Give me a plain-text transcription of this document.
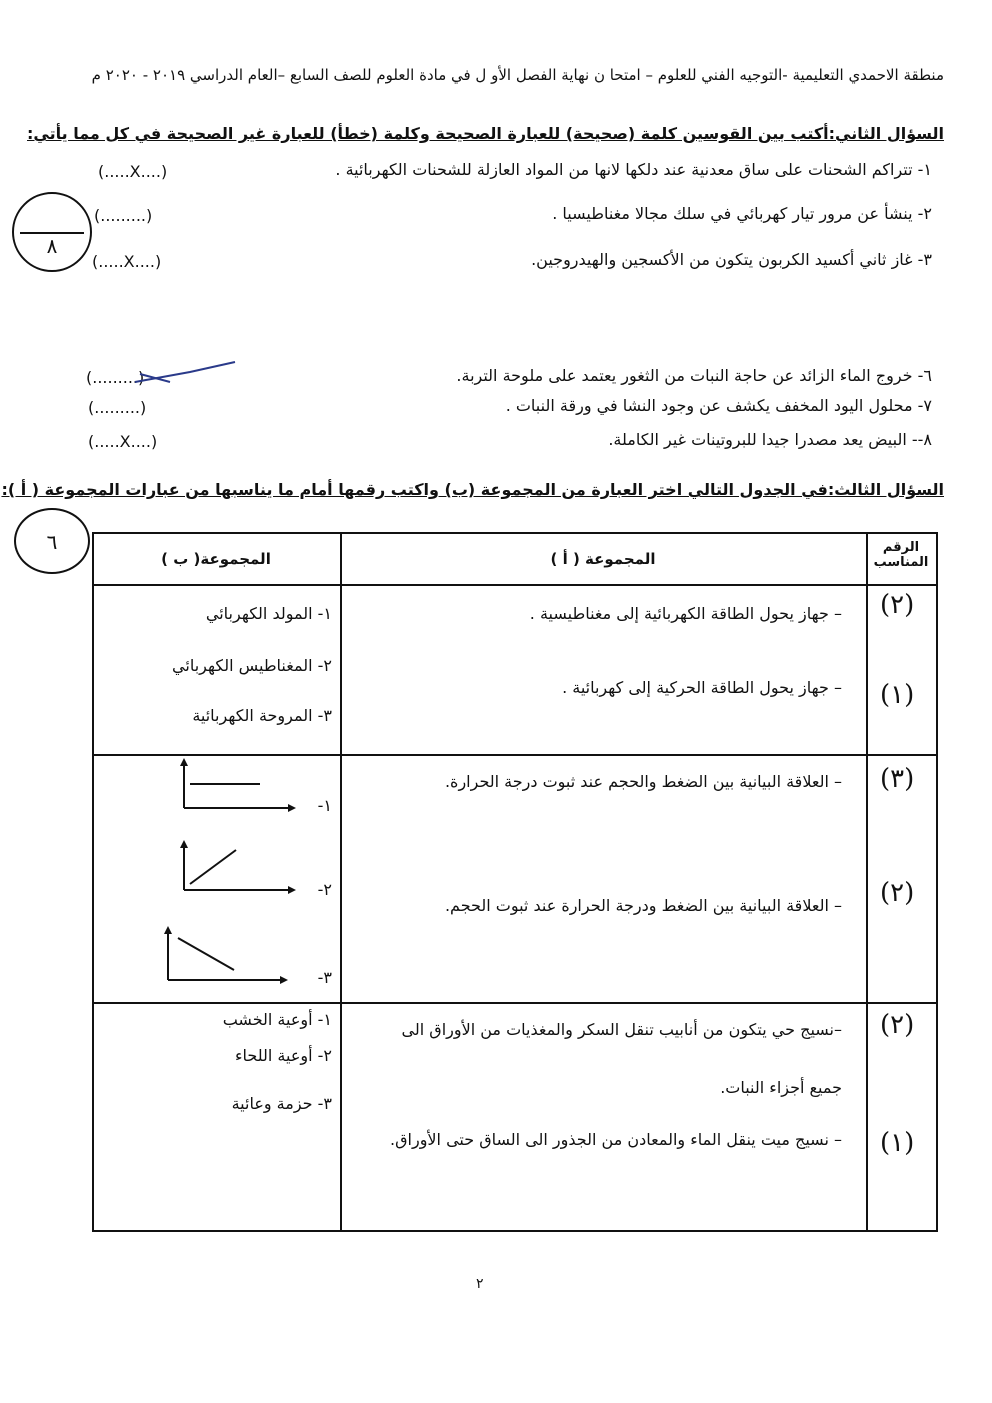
منطقة الاحمدي التعليمية -التوجيه الفني للعلوم – امتحا ن نهاية الفصل الأو ل في مادة العلوم للصف السابع –العام الدراسي ٢٠١٩ - ٢٠٢٠ م
السؤال الثاني:أكتب بين القوسين كلمة (صحيحة) للعبارة الصحيحة وكلمة (خطأ) للعبارة غير الصحيحة في كل مما يأتي:
٨
١- تتراكم الشحنات على ساق معدنية عند دلكها لانها من المواد العازلة للشحنات الكهربائية .
(.....X....)
٢- ينشأ عن مرور تيار كهربائي في سلك مجالا مغناطيسيا .
(.........)
٣- غاز ثاني أكسيد الكربون يتكون من الأكسجين والهيدروجين.
(.....X....)
٦- خروج الماء الزائد عن حاجة النبات من الثغور يعتمد على ملوحة التربة.
(.........)
٧- محلول اليود المخفف يكشف عن وجود النشا في ورقة النبات .
(.........)
٨-- البيض يعد مصدرا جيدا للبروتينات غير الكاملة.
(.....X....)
السؤال الثالث:في الجدول التالي اختر العبارة من المجموعة (ب) واكتب رقمها أمام ما يناسبها من عبارات المجموعة ( أ ):
٦	الرقم المناسب
المجموعة ( أ )
المجموعة( ب )
– جهاز يحول الطاقة الكهربائية إلى مغناطيسية .
– جهاز يحول الطاقة الحركية إلى كهربائية .
(٢)
(١)
١- المولد الكهربائي
٢- المغناطيس الكهربائي
٣- المروحة الكهربائية
– العلاقة البيانية بين الضغط والحجم عند ثبوت درجة الحرارة.
– العلاقة البيانية بين الضغط ودرجة الحرارة عند ثبوت الحجم.
(٣)
(٢)
١-
٢-
٣-
–نسيج حي يتكون من أنابيب تنقل السكر والمغذيات من الأوراق الى
جميع أجزاء النبات.
– نسيج ميت ينقل الماء والمعادن من الجذور الى الساق حتى الأوراق.
(٢)
(١)
١- أوعية الخشب
٢- أوعية اللحاء
٣- حزمة وعائية
٢
